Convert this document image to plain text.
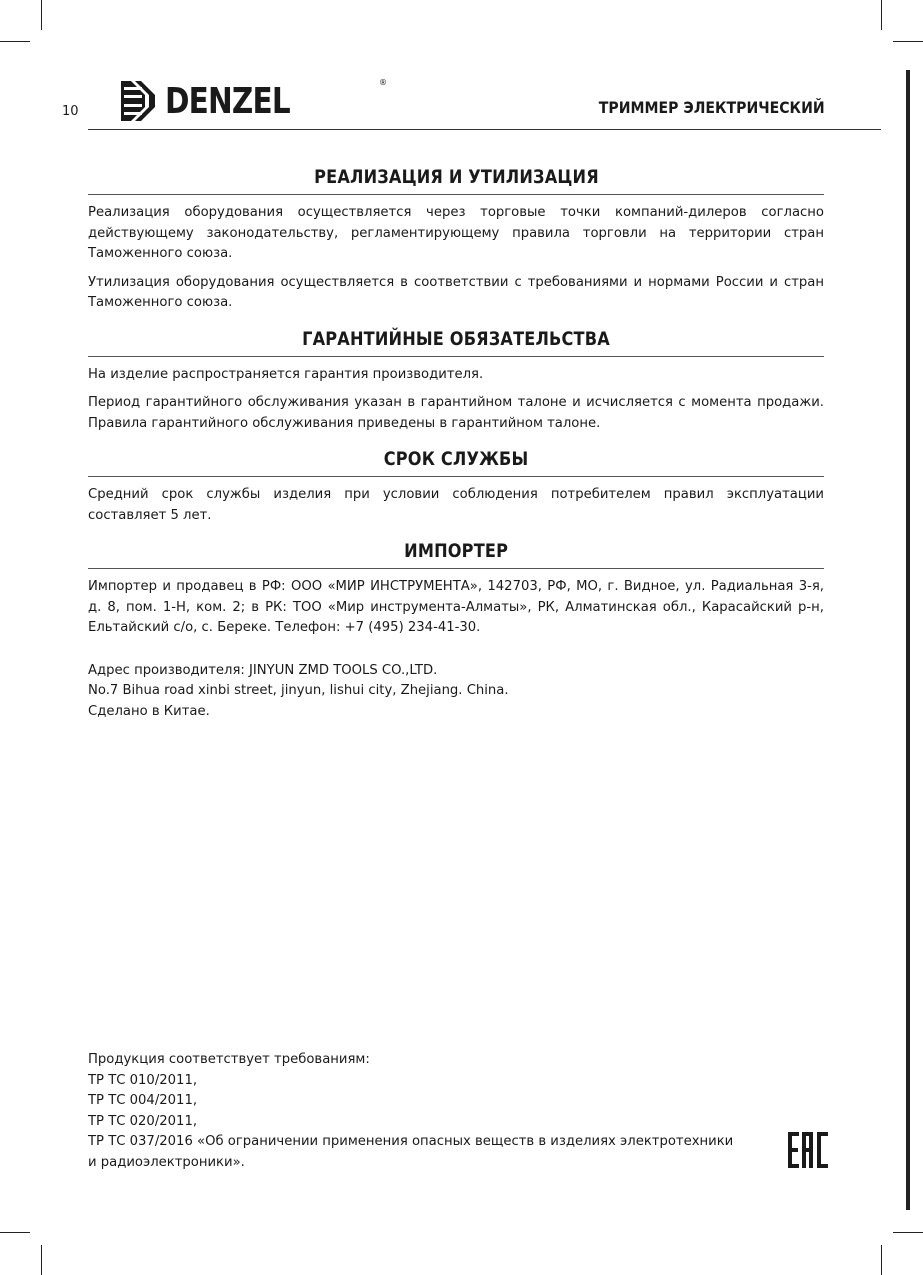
10 DENZEL	®
ТРИММЕР ЭЛЕКТРИЧЕСКИЙ
РЕАЛИЗАЦИЯ И УТИЛИЗАЦИЯ

Реализация оборудования осуществляется через торговые точки компаний-дилеров согласно действующему законодательству, регламентирующему правила торговли на территории стран Таможенного союза.

Утилизация оборудования осуществляется в соответствии с требованиями и нормами России и стран Таможенного союза.

ГАРАНТИЙНЫЕ ОБЯЗАТЕЛЬСТВА

На изделие распространяется гарантия производителя.

Период гарантийного обслуживания указан в гарантийном талоне и исчисляется с момента продажи. Правила гарантийного обслуживания приведены в гарантийном талоне.

СРОК СЛУЖБЫ

Средний срок службы изделия при условии соблюдения потребителем правил эксплуатации составляет 5 лет.

ИМПОРТЕР

Импортер и продавец в РФ: ООО «МИР ИНСТРУМЕНТА», 142703, РФ, МО, г. Видное, ул. Радиальная 3-я, д. 8, пом. 1-Н, ком. 2; в РК: ТОО «Мир инструмента-Алматы», РК, Алматинская обл., Карасайский р-н, Ельтайский с/о, с. Береке. Телефон: +7 (495) 234-41-30.

Адрес производителя: JINYUN ZMD TOOLS CO.,LTD.
No.7 Bihua road xinbi street, jinyun, lishui city, Zhejiang. China.
Сделано в Китае.
Продукция соответствует требованиям:
ТР ТС 010/2011,
ТР ТС 004/2011,
ТР ТС 020/2011,
ТР ТС 037/2016 «Об ограничении применения опасных веществ в изделиях электротехники
и радиоэлектроники».
